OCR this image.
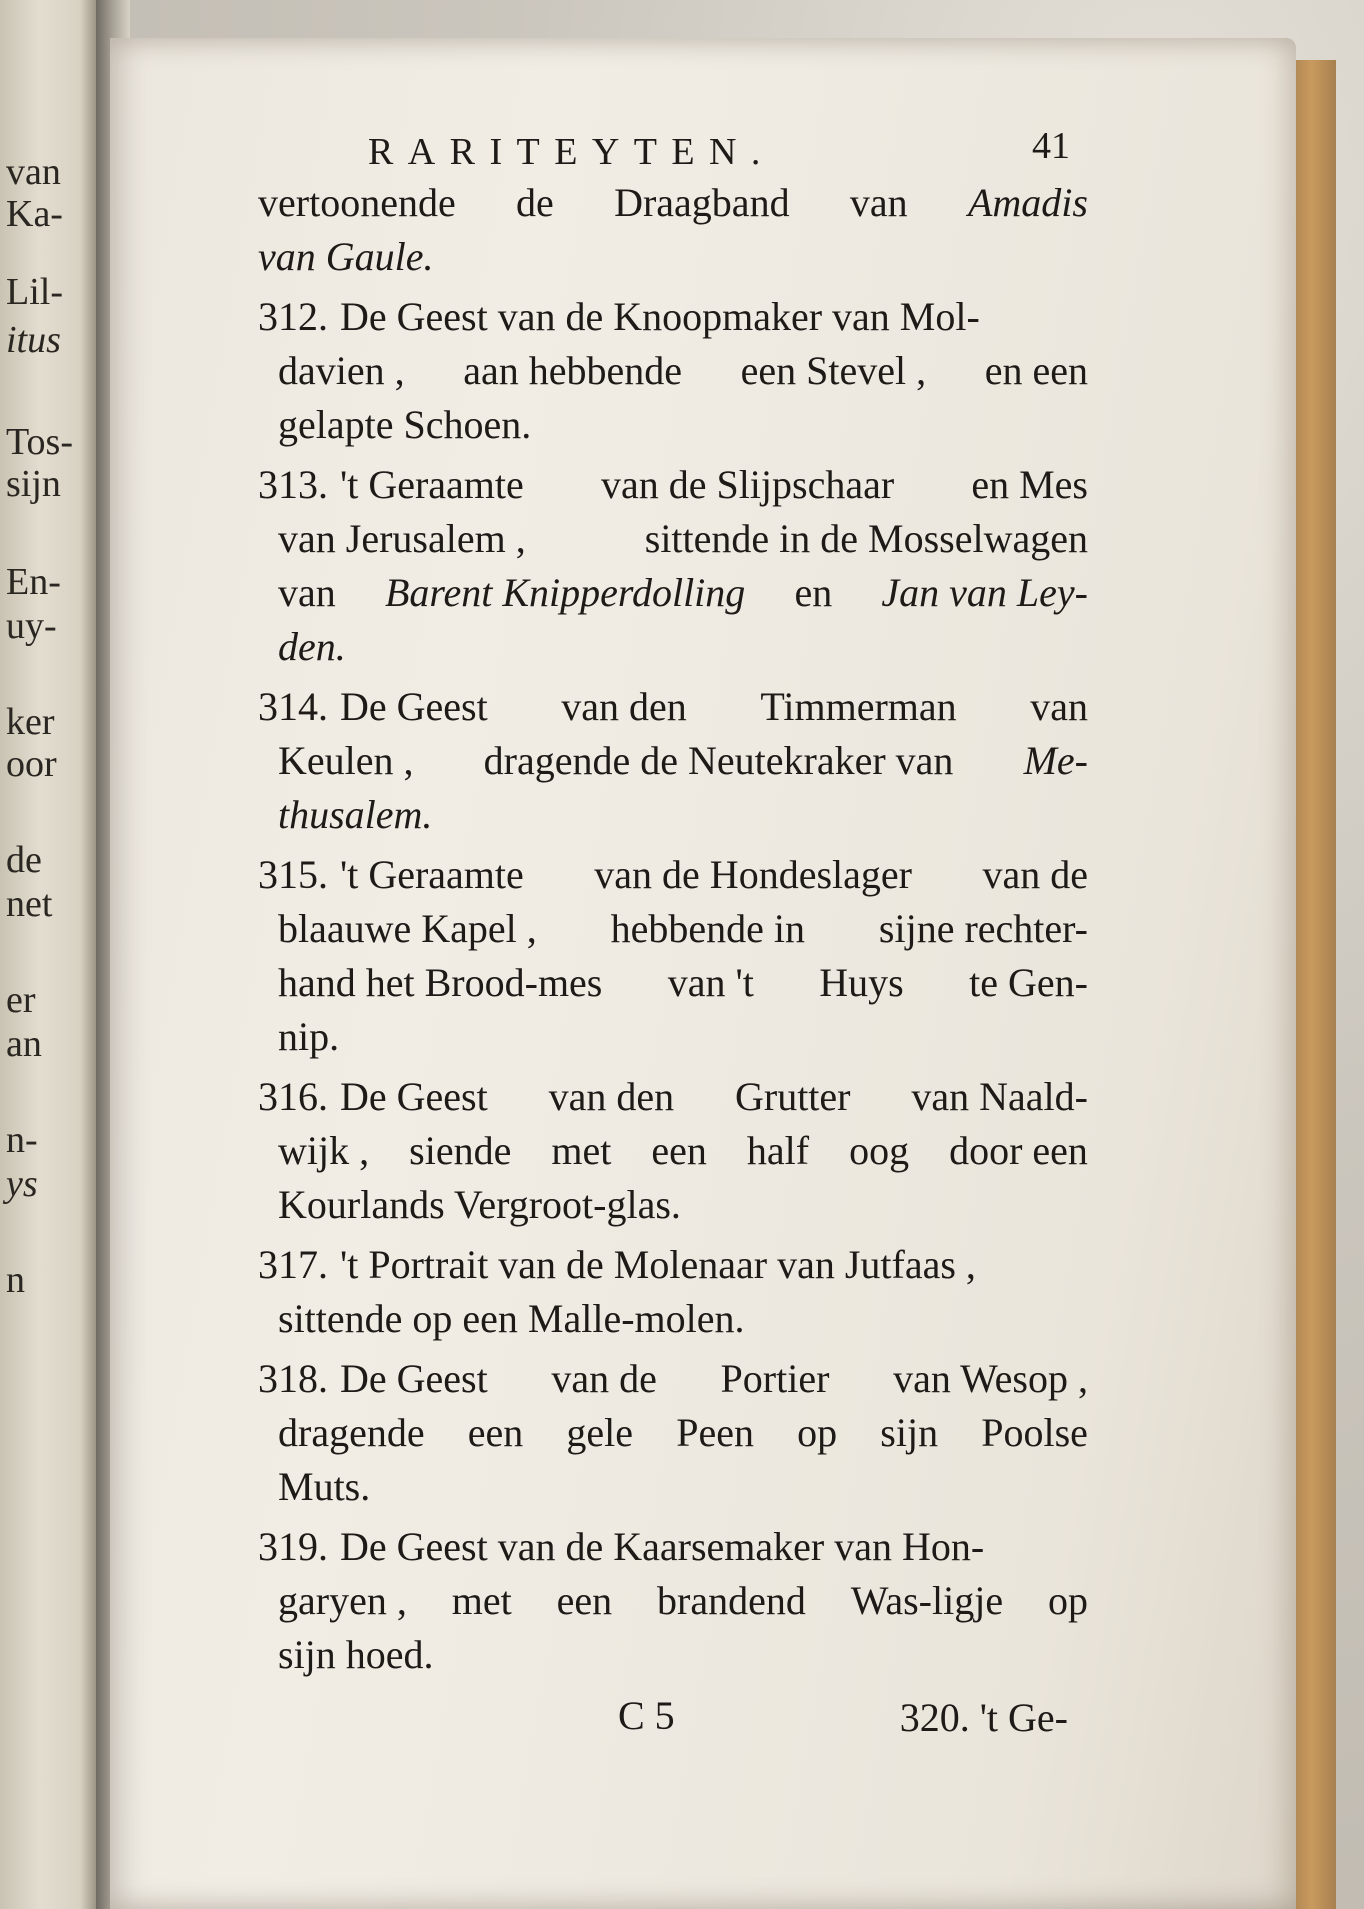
van
Ka-
Lil-
itus
Tos-
sijn
En-
uy-
ker
oor
de
net
er
an
n-
ys
n
RARITEYTEN.	41
vertoonende de Draagband van Amadis
van Gaule.
312. De Geest van de Knoopmaker van Mol-
davien , aan hebbende een Stevel , en een
gelapte Schoen.
313. 't Geraamte van de Slijpschaar en Mes
van Jerusalem ,	sittende in de Mosselwagen
van Barent Knipperdolling en Jan van Ley-
den.
314. De Geest van den Timmerman van
Keulen , dragende de Neutekraker van Me-
thusalem.
315. 't Geraamte van de Hondeslager van de
blaauwe Kapel , hebbende in sijne rechter-
hand het Brood-mes van 't Huys te Gen-
nip.
316. De Geest van den Grutter van Naald-
wijk , siende met een half oog door een
Kourlands Vergroot-glas.
317. 't Portrait van de Molenaar van Jutfaas ,
sittende op een Malle-molen.
318. De Geest van de Portier van Wesop ,
dragende een gele Peen op sijn Poolse
Muts.
319. De Geest van de Kaarsemaker van Hon-
garyen , met een brandend Was-ligje op
sijn hoed.
C 5	320. 't Ge-
